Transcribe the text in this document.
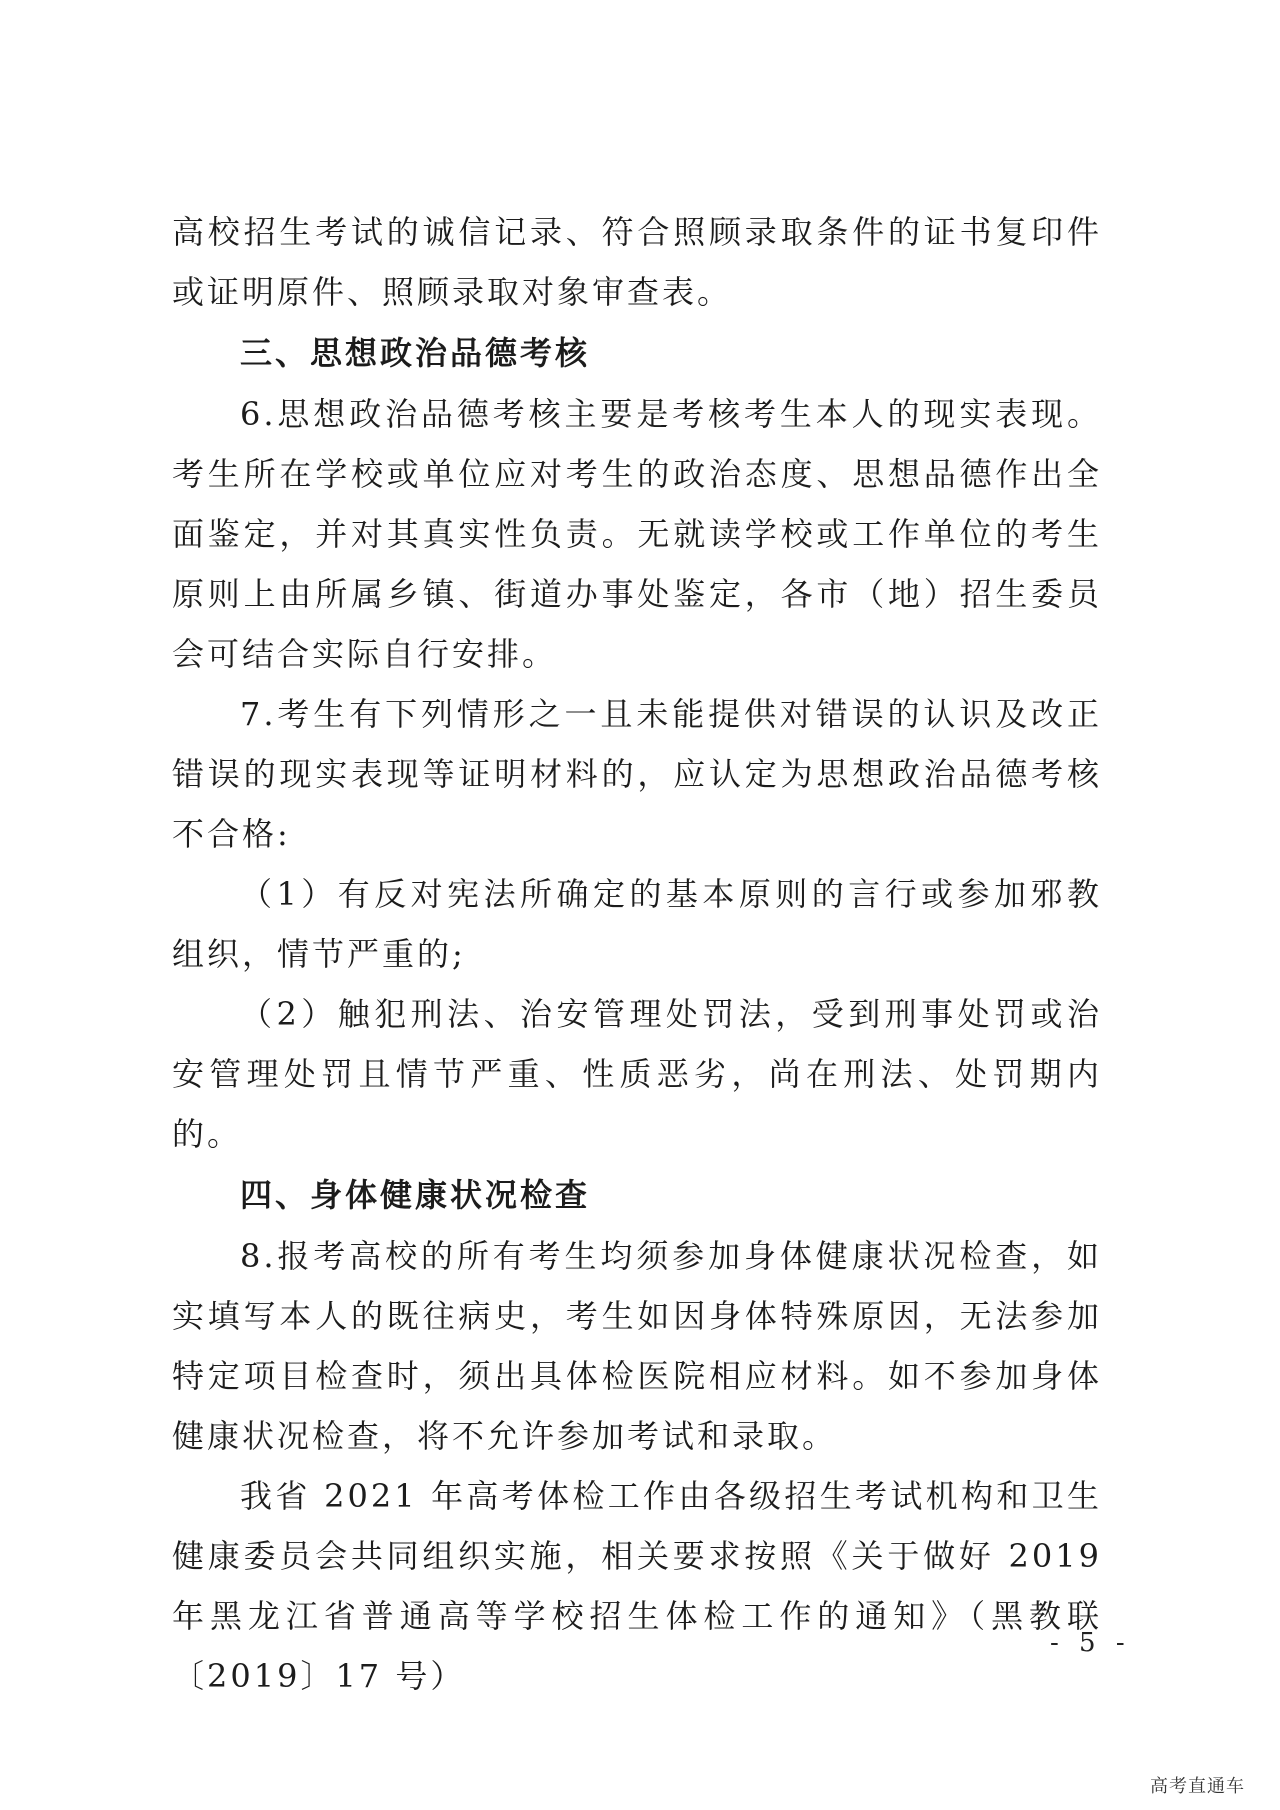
高校招生考试的诚信记录、符合照顾录取条件的证书复印件或证明原件、照顾录取对象审查表。

三、思想政治品德考核

6.思想政治品德考核主要是考核考生本人的现实表现。考生所在学校或单位应对考生的政治态度、思想品德作出全面鉴定，并对其真实性负责。无就读学校或工作单位的考生原则上由所属乡镇、街道办事处鉴定，各市（地）招生委员会可结合实际自行安排。

7.考生有下列情形之一且未能提供对错误的认识及改正错误的现实表现等证明材料的，应认定为思想政治品德考核不合格:

（1）有反对宪法所确定的基本原则的言行或参加邪教组织，情节严重的;

（2）触犯刑法、治安管理处罚法，受到刑事处罚或治安管理处罚且情节严重、性质恶劣，尚在刑法、处罚期内的。

四、身体健康状况检查

8.报考高校的所有考生均须参加身体健康状况检查，如实填写本人的既往病史，考生如因身体特殊原因，无法参加特定项目检查时，须出具体检医院相应材料。如不参加身体健康状况检查，将不允许参加考试和录取。

我省 2021 年高考体检工作由各级招生考试机构和卫生健康委员会共同组织实施，相关要求按照《关于做好 2019 年黑龙江省普通高等学校招生体检工作的通知》（黑教联〔2019〕17 号）

- 5 -
高考直通车
